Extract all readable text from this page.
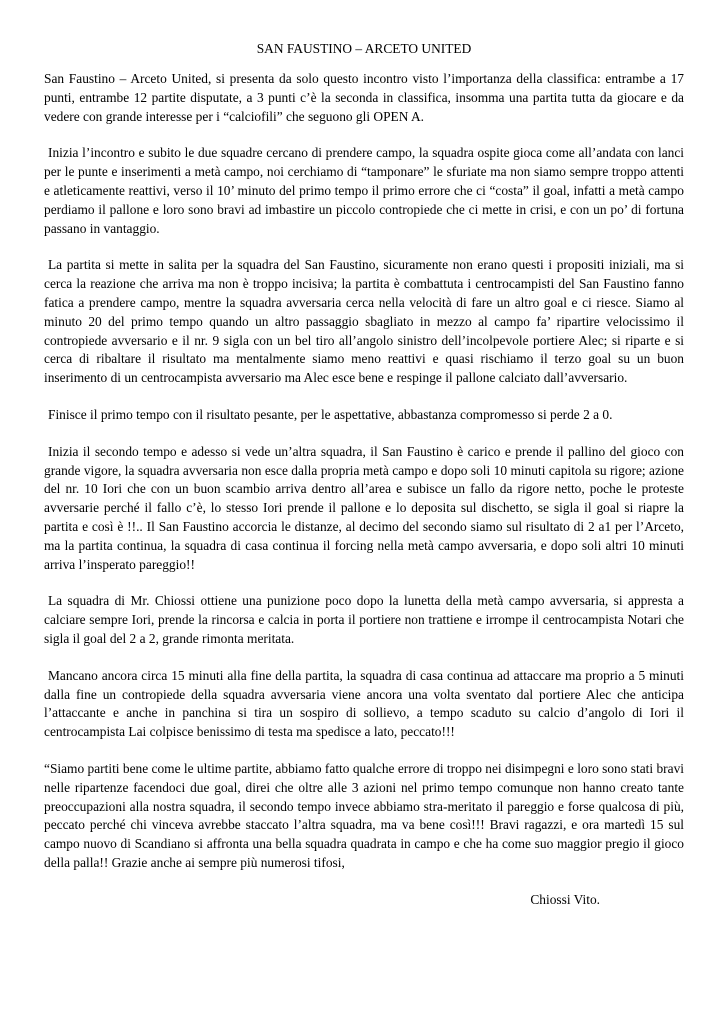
SAN FAUSTINO – ARCETO UNITED

San Faustino – Arceto United, si presenta da solo questo incontro visto l’importanza della classifica: entrambe a 17 punti, entrambe 12 partite disputate, a 3 punti c’è la seconda in classifica, insomma una partita tutta da giocare e da vedere con grande interesse per i “calciofili” che seguono gli OPEN A.

Inizia l’incontro e subito le due squadre cercano di prendere campo, la squadra ospite gioca come all’andata con lanci per le punte e inserimenti a metà campo, noi cerchiamo di “tamponare” le sfuriate ma non siamo sempre troppo attenti e atleticamente reattivi, verso il 10’ minuto del primo tempo il primo errore che ci “costa” il goal, infatti a metà campo perdiamo il pallone e loro sono bravi ad imbastire un piccolo contropiede che ci mette in crisi, e con un po’ di fortuna passano in vantaggio.

La partita si mette in salita per la squadra del San Faustino, sicuramente non erano questi i propositi iniziali, ma si cerca la reazione che arriva ma non è troppo incisiva; la partita è combattuta i centrocampisti del San Faustino fanno fatica a prendere campo, mentre la squadra avversaria cerca nella velocità di fare un altro goal e ci riesce. Siamo al minuto 20 del primo tempo quando un altro passaggio sbagliato in mezzo al campo fa’ ripartire velocissimo il contropiede avversario e il nr. 9 sigla con un bel tiro all’angolo sinistro dell’incolpevole portiere Alec; si riparte e si cerca di ribaltare il risultato ma mentalmente siamo meno reattivi e quasi rischiamo il terzo goal su un buon inserimento di un centrocampista avversario ma Alec esce bene e respinge il pallone calciato dall’avversario.

Finisce il primo tempo con il risultato pesante, per le aspettative, abbastanza compromesso si perde 2 a 0.

Inizia il secondo tempo e adesso si vede un’altra squadra, il San Faustino è carico e prende il pallino del gioco con grande vigore, la squadra avversaria non esce dalla propria metà campo e dopo soli 10 minuti capitola su rigore; azione del nr. 10 Iori che con un buon scambio arriva dentro all’area e subisce un fallo da rigore netto, poche le proteste avversarie perché il fallo c’è, lo stesso Iori prende il pallone e lo deposita sul dischetto, se sigla il goal si riapre la partita e così è !!.. Il San Faustino accorcia le distanze, al decimo del secondo siamo sul risultato di 2 a1 per l’Arceto, ma la partita continua, la squadra di casa continua il forcing nella metà campo avversaria, e dopo soli altri 10 minuti arriva l’insperato pareggio!!

La squadra di Mr. Chiossi ottiene una punizione poco dopo la lunetta della metà campo avversaria, si appresta a calciare sempre Iori, prende la rincorsa e calcia in porta il portiere non trattiene e irrompe il centrocampista Notari che sigla il goal del 2 a 2, grande rimonta meritata.

Mancano ancora circa 15 minuti alla fine della partita, la squadra di casa continua ad attaccare ma proprio a 5 minuti dalla fine un contropiede della squadra avversaria viene ancora una volta sventato dal portiere Alec che anticipa l’attaccante e anche in panchina si tira un sospiro di sollievo, a tempo scaduto su calcio d’angolo di Iori il centrocampista Lai colpisce benissimo di testa ma spedisce a lato, peccato!!!

“Siamo partiti bene come le ultime partite, abbiamo fatto qualche errore di troppo nei disimpegni e loro sono stati bravi nelle ripartenze facendoci due goal, direi che oltre alle 3 azioni nel primo tempo comunque non hanno creato tante preoccupazioni alla nostra squadra, il secondo tempo invece abbiamo stra-meritato il pareggio e forse qualcosa di più, peccato perché chi vinceva avrebbe staccato l’altra squadra, ma va bene così!!! Bravi ragazzi, e ora martedì 15 sul campo nuovo di Scandiano si affronta una bella squadra quadrata in campo e che ha come suo maggior pregio il gioco della palla!! Grazie anche ai sempre più numerosi tifosi,

Chiossi Vito.
